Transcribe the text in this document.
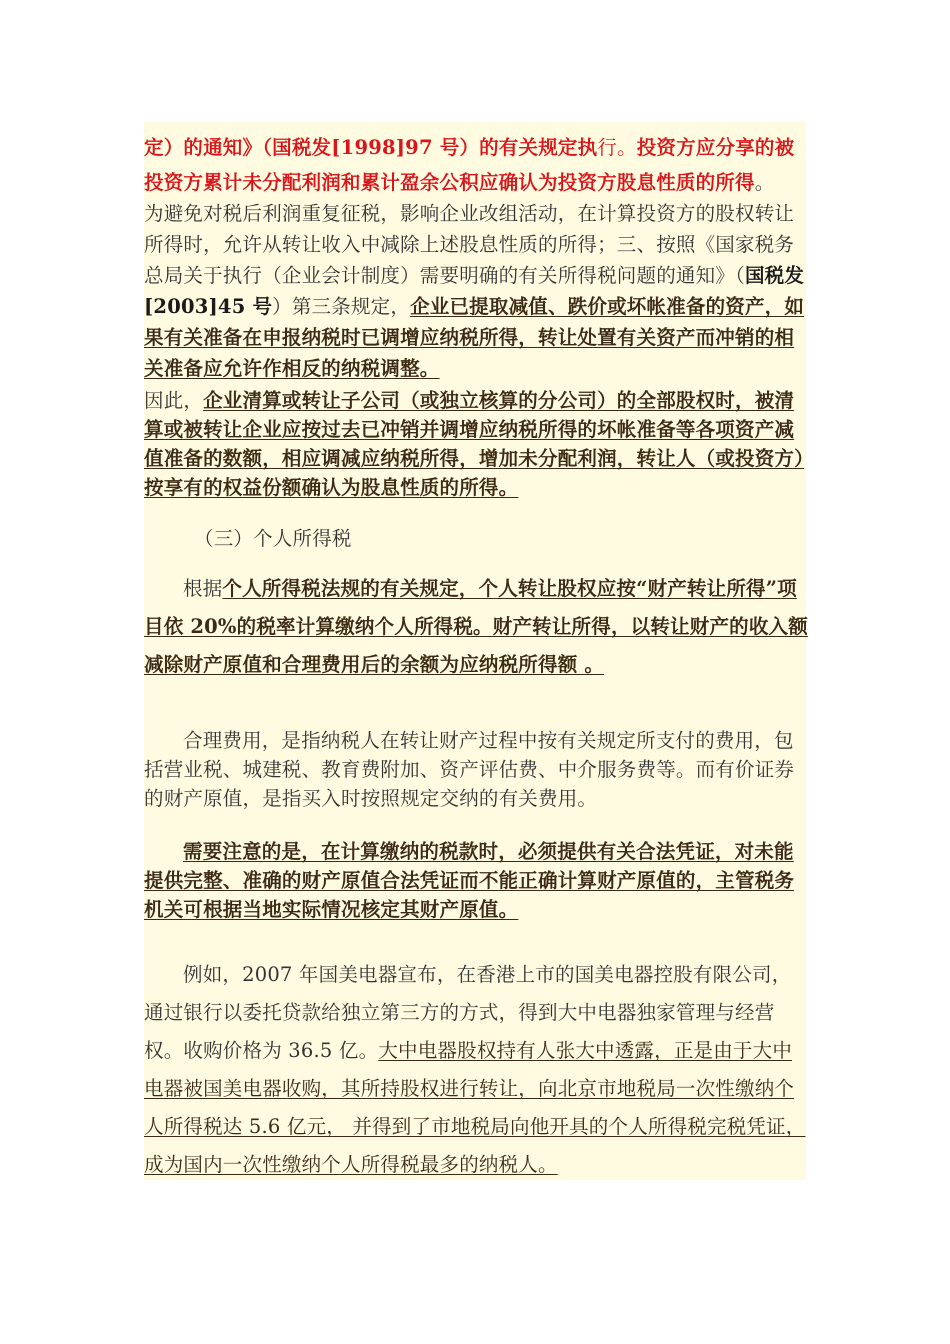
定）的通知》（国税发[1998]97 号）的有关规定执行。投资方应分享的被投资方累计未分配利润和累计盈余公积应确认为投资方股息性质的所得。

为避免对税后利润重复征税，影响企业改组活动，在计算投资方的股权转让所得时，允许从转让收入中减除上述股息性质的所得；三、按照《国家税务总局关于执行（企业会计制度）需要明确的有关所得税问题的通知》（国税发[2003]45 号）第三条规定，企业已提取减值、跌价或坏帐准备的资产，如果有关准备在申报纳税时已调增应纳税所得，转让处置有关资产而冲销的相关准备应允许作相反的纳税调整。

因此，企业清算或转让子公司（或独立核算的分公司）的全部股权时，被清算或被转让企业应按过去已冲销并调增应纳税所得的坏帐准备等各项资产减值准备的数额，相应调减应纳税所得，增加未分配利润，转让人（或投资方）按享有的权益份额确认为股息性质的所得。

（三）个人所得税

根据个人所得税法规的有关规定，个人转让股权应按“财产转让所得”项目依 20%的税率计算缴纳个人所得税。财产转让所得，以转让财产的收入额减除财产原值和合理费用后的余额为应纳税所得额 。

合理费用，是指纳税人在转让财产过程中按有关规定所支付的费用，包括营业税、城建税、教育费附加、资产评估费、中介服务费等。而有价证券的财产原值，是指买入时按照规定交纳的有关费用。

需要注意的是，在计算缴纳的税款时，必须提供有关合法凭证，对未能提供完整、准确的财产原值合法凭证而不能正确计算财产原值的，主管税务机关可根据当地实际情况核定其财产原值。

例如，2007 年国美电器宣布，在香港上市的国美电器控股有限公司，通过银行以委托贷款给独立第三方的方式，得到大中电器独家管理与经营权。收购价格为 36.5 亿。大中电器股权持有人张大中透露，正是由于大中电器被国美电器收购，其所持股权进行转让，向北京市地税局一次性缴纳个人所得税达 5.6 亿元， 并得到了市地税局向他开具的个人所得税完税凭证，成为国内一次性缴纳个人所得税最多的纳税人。
